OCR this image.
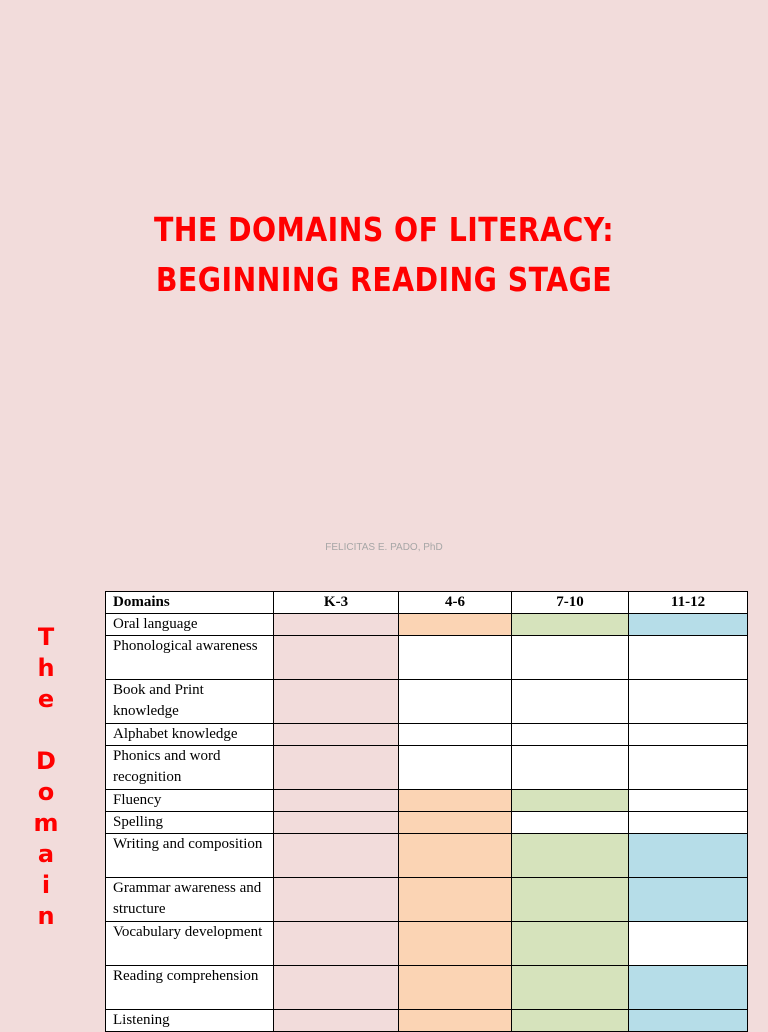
THE DOMAINS OF LITERACY:
BEGINNING READING STAGE
FELICITAS E. PADO, PhD
T
h
e
D
o
m
a
i
n
Domains	K-3	4-6	7-10	11-12
Oral language				
Phonological awareness				
Book and Print knowledge				
Alphabet knowledge				
Phonics and word recognition				
Fluency				
Spelling				
Writing and composition				
Grammar awareness and structure				
Vocabulary development				
Reading comprehension				
Listening				
